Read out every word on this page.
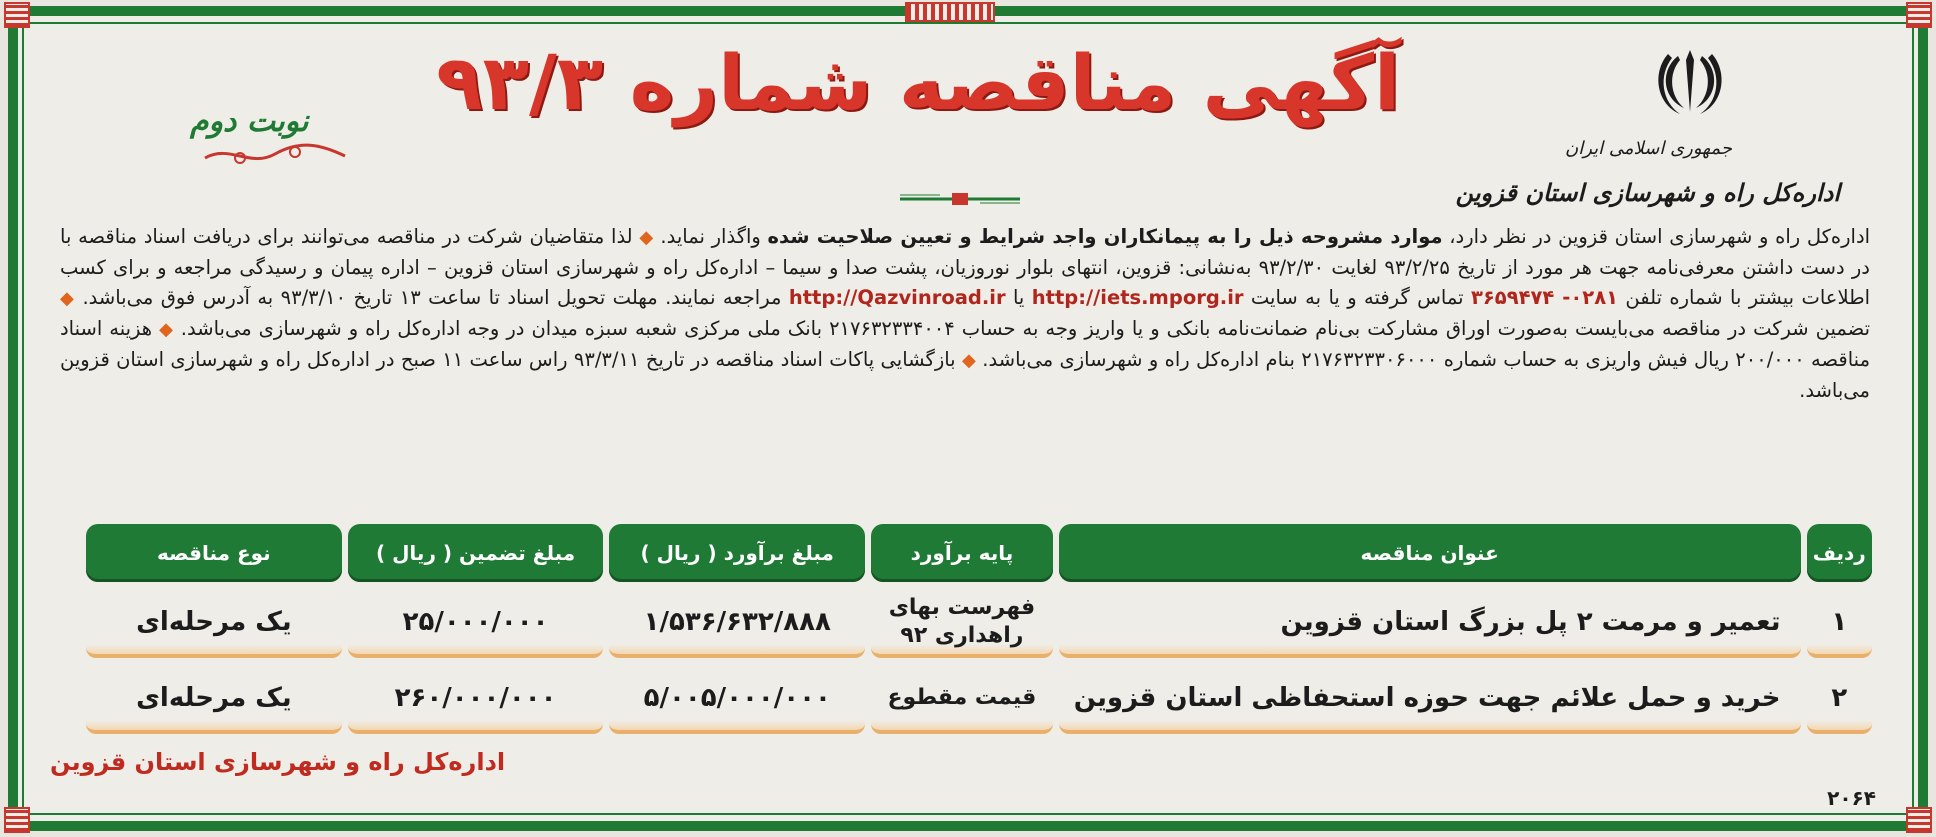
جمهوری اسلامی ایران
اداره‌کل راه و شهرسازی استان قزوین
آگهی مناقصه شماره ۹۳/۳
نوبت دوم
اداره‌کل راه و شهرسازی استان قزوین در نظر دارد، موارد مشروحه ذیل را به پیمانکاران واجد شرایط و تعیین صلاحیت شده واگذار نماید. ◆ لذا متقاضیان شرکت در مناقصه می‌توانند برای دریافت اسناد مناقصه با در دست داشتن معرفی‌نامه جهت هر مورد از تاریخ ۹۳/۲/۲۵ لغایت ۹۳/۲/۳۰ به‌نشانی: قزوین، انتهای بلوار نوروزیان، پشت صدا و سیما – اداره‌کل راه و شهرسازی استان قزوین – اداره پیمان و رسیدگی مراجعه و برای کسب اطلاعات بیشتر با شماره تلفن ۰۲۸۱- ۳۶۵۹۴۷۴ تماس گرفته و یا به سایت http://iets.mporg.ir یا http://Qazvinroad.ir مراجعه نمایند. مهلت تحویل اسناد تا ساعت ۱۳ تاریخ ۹۳/۳/۱۰ به آدرس فوق می‌باشد. ◆ تضمین شرکت در مناقصه می‌بایست به‌صورت اوراق مشارکت بی‌نام ضمانت‌نامه بانکی و یا واریز وجه به حساب ۲۱۷۶۳۲۳۳۴۰۰۴ بانک ملی مرکزی شعبه سبزه میدان در وجه اداره‌کل راه و شهرسازی می‌باشد. ◆ هزینه اسناد مناقصه ۲۰۰/۰۰۰ ریال فیش واریزی به حساب شماره ۲۱۷۶۳۲۳۳۰۶۰۰۰ بنام اداره‌کل راه و شهرسازی می‌باشد. ◆ بازگشایی پاکات اسناد مناقصه در تاریخ ۹۳/۳/۱۱ راس ساعت ۱۱ صبح در اداره‌کل راه و شهرسازی استان قزوین می‌باشد.
ردیف	عنوان مناقصه	پایه برآورد	مبلغ برآورد ( ریال )	مبلغ تضمین ( ریال )	نوع مناقصه
۱	تعمیر و مرمت ۲ پل بزرگ استان قزوین	فهرست بهای راهداری ۹۲	۱/۵۳۶/۶۳۲/۸۸۸	۲۵/۰۰۰/۰۰۰	یک مرحله‌ای
۲	خرید و حمل علائم جهت حوزه استحفاظی استان قزوین	قیمت مقطوع	۵/۰۰۵/۰۰۰/۰۰۰	۲۶۰/۰۰۰/۰۰۰	یک مرحله‌ای
اداره‌کل راه و شهرسازی استان قزوین
۲۰۶۴
